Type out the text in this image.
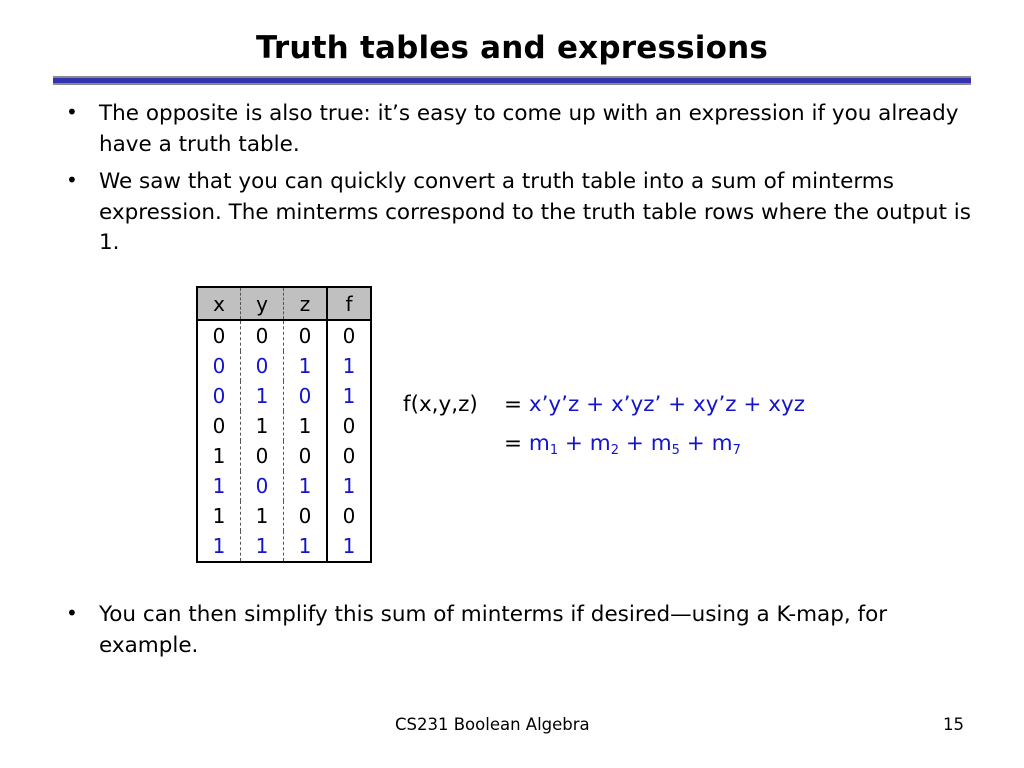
Truth tables and expressions
• The opposite is also true: it’s easy to come up with an expression if you already have a truth table.
• We saw that you can quickly convert a truth table into a sum of minterms expression. The minterms correspond to the truth table rows where the output is 1.
x	y	z	f
0	0	0	0
0	0	1	1
0	1	0	1
0	1	1	0
1	0	0	0
1	0	1	1
1	1	0	0
1	1	1	1
f(x,y,z) = x’y’z + x’yz’ + xy’z + xyz
= $m_1 + m_2 + m_5 + m_7$
• You can then simplify this sum of minterms if desired—using a K-map, for example.
CS231 Boolean Algebra	15
